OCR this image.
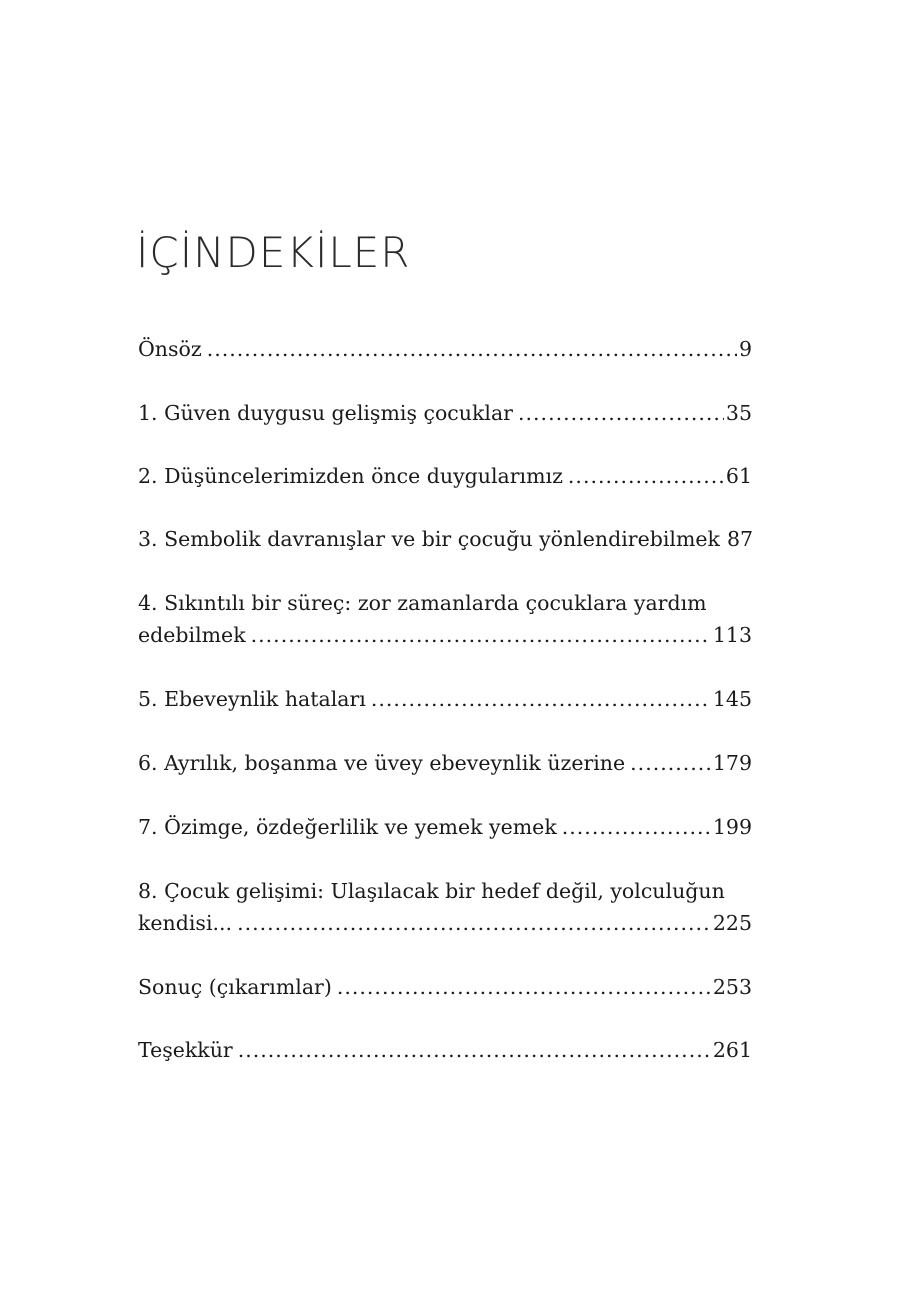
İÇİNDEKİLER
Önsöz .....	9
1. Güven duygusu gelişmiş çocuklar .....	35
2. Düşüncelerimizden önce duygularımız .....	61
3. Sembolik davranışlar ve bir çocuğu yönlendirebilmek 87
4. Sıkıntılı bir süreç: zor zamanlarda çocuklara yardım
edebilmek .....	113
5. Ebeveynlik hataları .....	145
6. Ayrılık, boşanma ve üvey ebeveynlik üzerine .....	179
7. Özimge, özdeğerlilik ve yemek yemek .....	199
8. Çocuk gelişimi: Ulaşılacak bir hedef değil, yolculuğun
kendisi... .....	225
Sonuç (çıkarımlar) .....	253
Teşekkür .....	261
